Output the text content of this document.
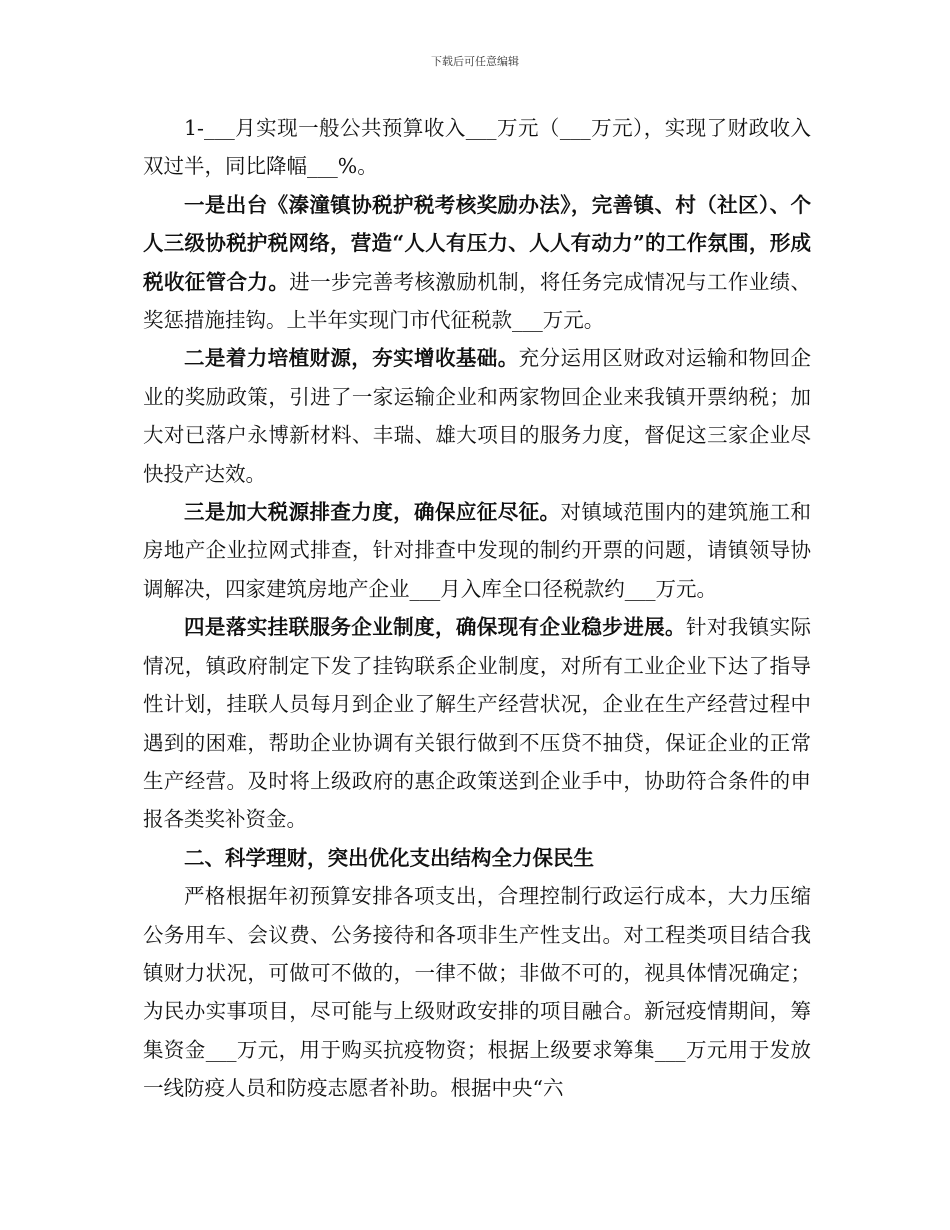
下载后可任意编辑

1-___月实现一般公共预算收入___万元（___万元），实现了财政收入双过半，同比降幅___%。

一是出台《溱潼镇协税护税考核奖励办法》，完善镇、村（社区）、个人三级协税护税网络，营造“人人有压力、人人有动力”的工作氛围，形成税收征管合力。进一步完善考核激励机制，将任务完成情况与工作业绩、奖惩措施挂钩。上半年实现门市代征税款___万元。

二是着力培植财源，夯实增收基础。充分运用区财政对运输和物回企业的奖励政策，引进了一家运输企业和两家物回企业来我镇开票纳税；加大对已落户永博新材料、丰瑞、雄大项目的服务力度，督促这三家企业尽快投产达效。

三是加大税源排查力度，确保应征尽征。对镇域范围内的建筑施工和房地产企业拉网式排查，针对排查中发现的制约开票的问题，请镇领导协调解决，四家建筑房地产企业___月入库全口径税款约___万元。

四是落实挂联服务企业制度，确保现有企业稳步进展。针对我镇实际情况，镇政府制定下发了挂钩联系企业制度，对所有工业企业下达了指导性计划，挂联人员每月到企业了解生产经营状况，企业在生产经营过程中遇到的困难，帮助企业协调有关银行做到不压贷不抽贷，保证企业的正常生产经营。及时将上级政府的惠企政策送到企业手中，协助符合条件的申报各类奖补资金。

二、科学理财，突出优化支出结构全力保民生

严格根据年初预算安排各项支出，合理控制行政运行成本，大力压缩公务用车、会议费、公务接待和各项非生产性支出。对工程类项目结合我镇财力状况，可做可不做的，一律不做；非做不可的，视具体情况确定；为民办实事项目，尽可能与上级财政安排的项目融合。新冠疫情期间，筹集资金___万元，用于购买抗疫物资；根据上级要求筹集___万元用于发放一线防疫人员和防疫志愿者补助。根据中央“六
